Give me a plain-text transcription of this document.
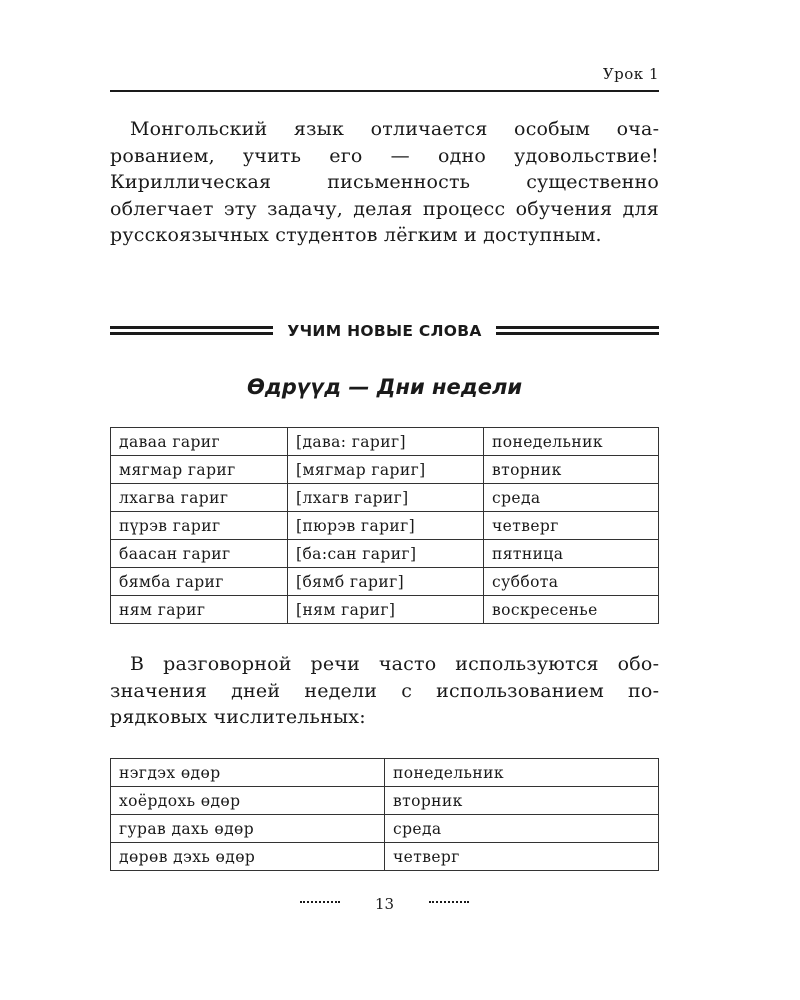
Урок 1

Монгольский язык отличается особым очарованием, учить его — одно удовольствие! Кириллическая письменность существенно облегчает эту задачу, делая процесс обучения для русскоязычных студентов лёгким и доступным.

УЧИМ НОВЫЕ СЛОВА
Өдрүүд — Дни недели
даваа гариг	[дава: гариг]	понедельник
мягмар гариг	[мягмар гариг]	вторник
лхагва гариг	[лхагв гариг]	среда
пүрэв гариг	[пюрэв гариг]	четверг
баасан гариг	[ба:сан гариг]	пятница
бямба гариг	[бямб гариг]	суббота
ням гариг	[ням гариг]	воскресенье

В разговорной речи часто используются обозначения дней недели с использованием порядковых числительных:

нэгдэх өдөр	понедельник
хоёрдохь өдөр	вторник
гурав дахь өдөр	среда
дөрөв дэхь өдөр	четверг
13
